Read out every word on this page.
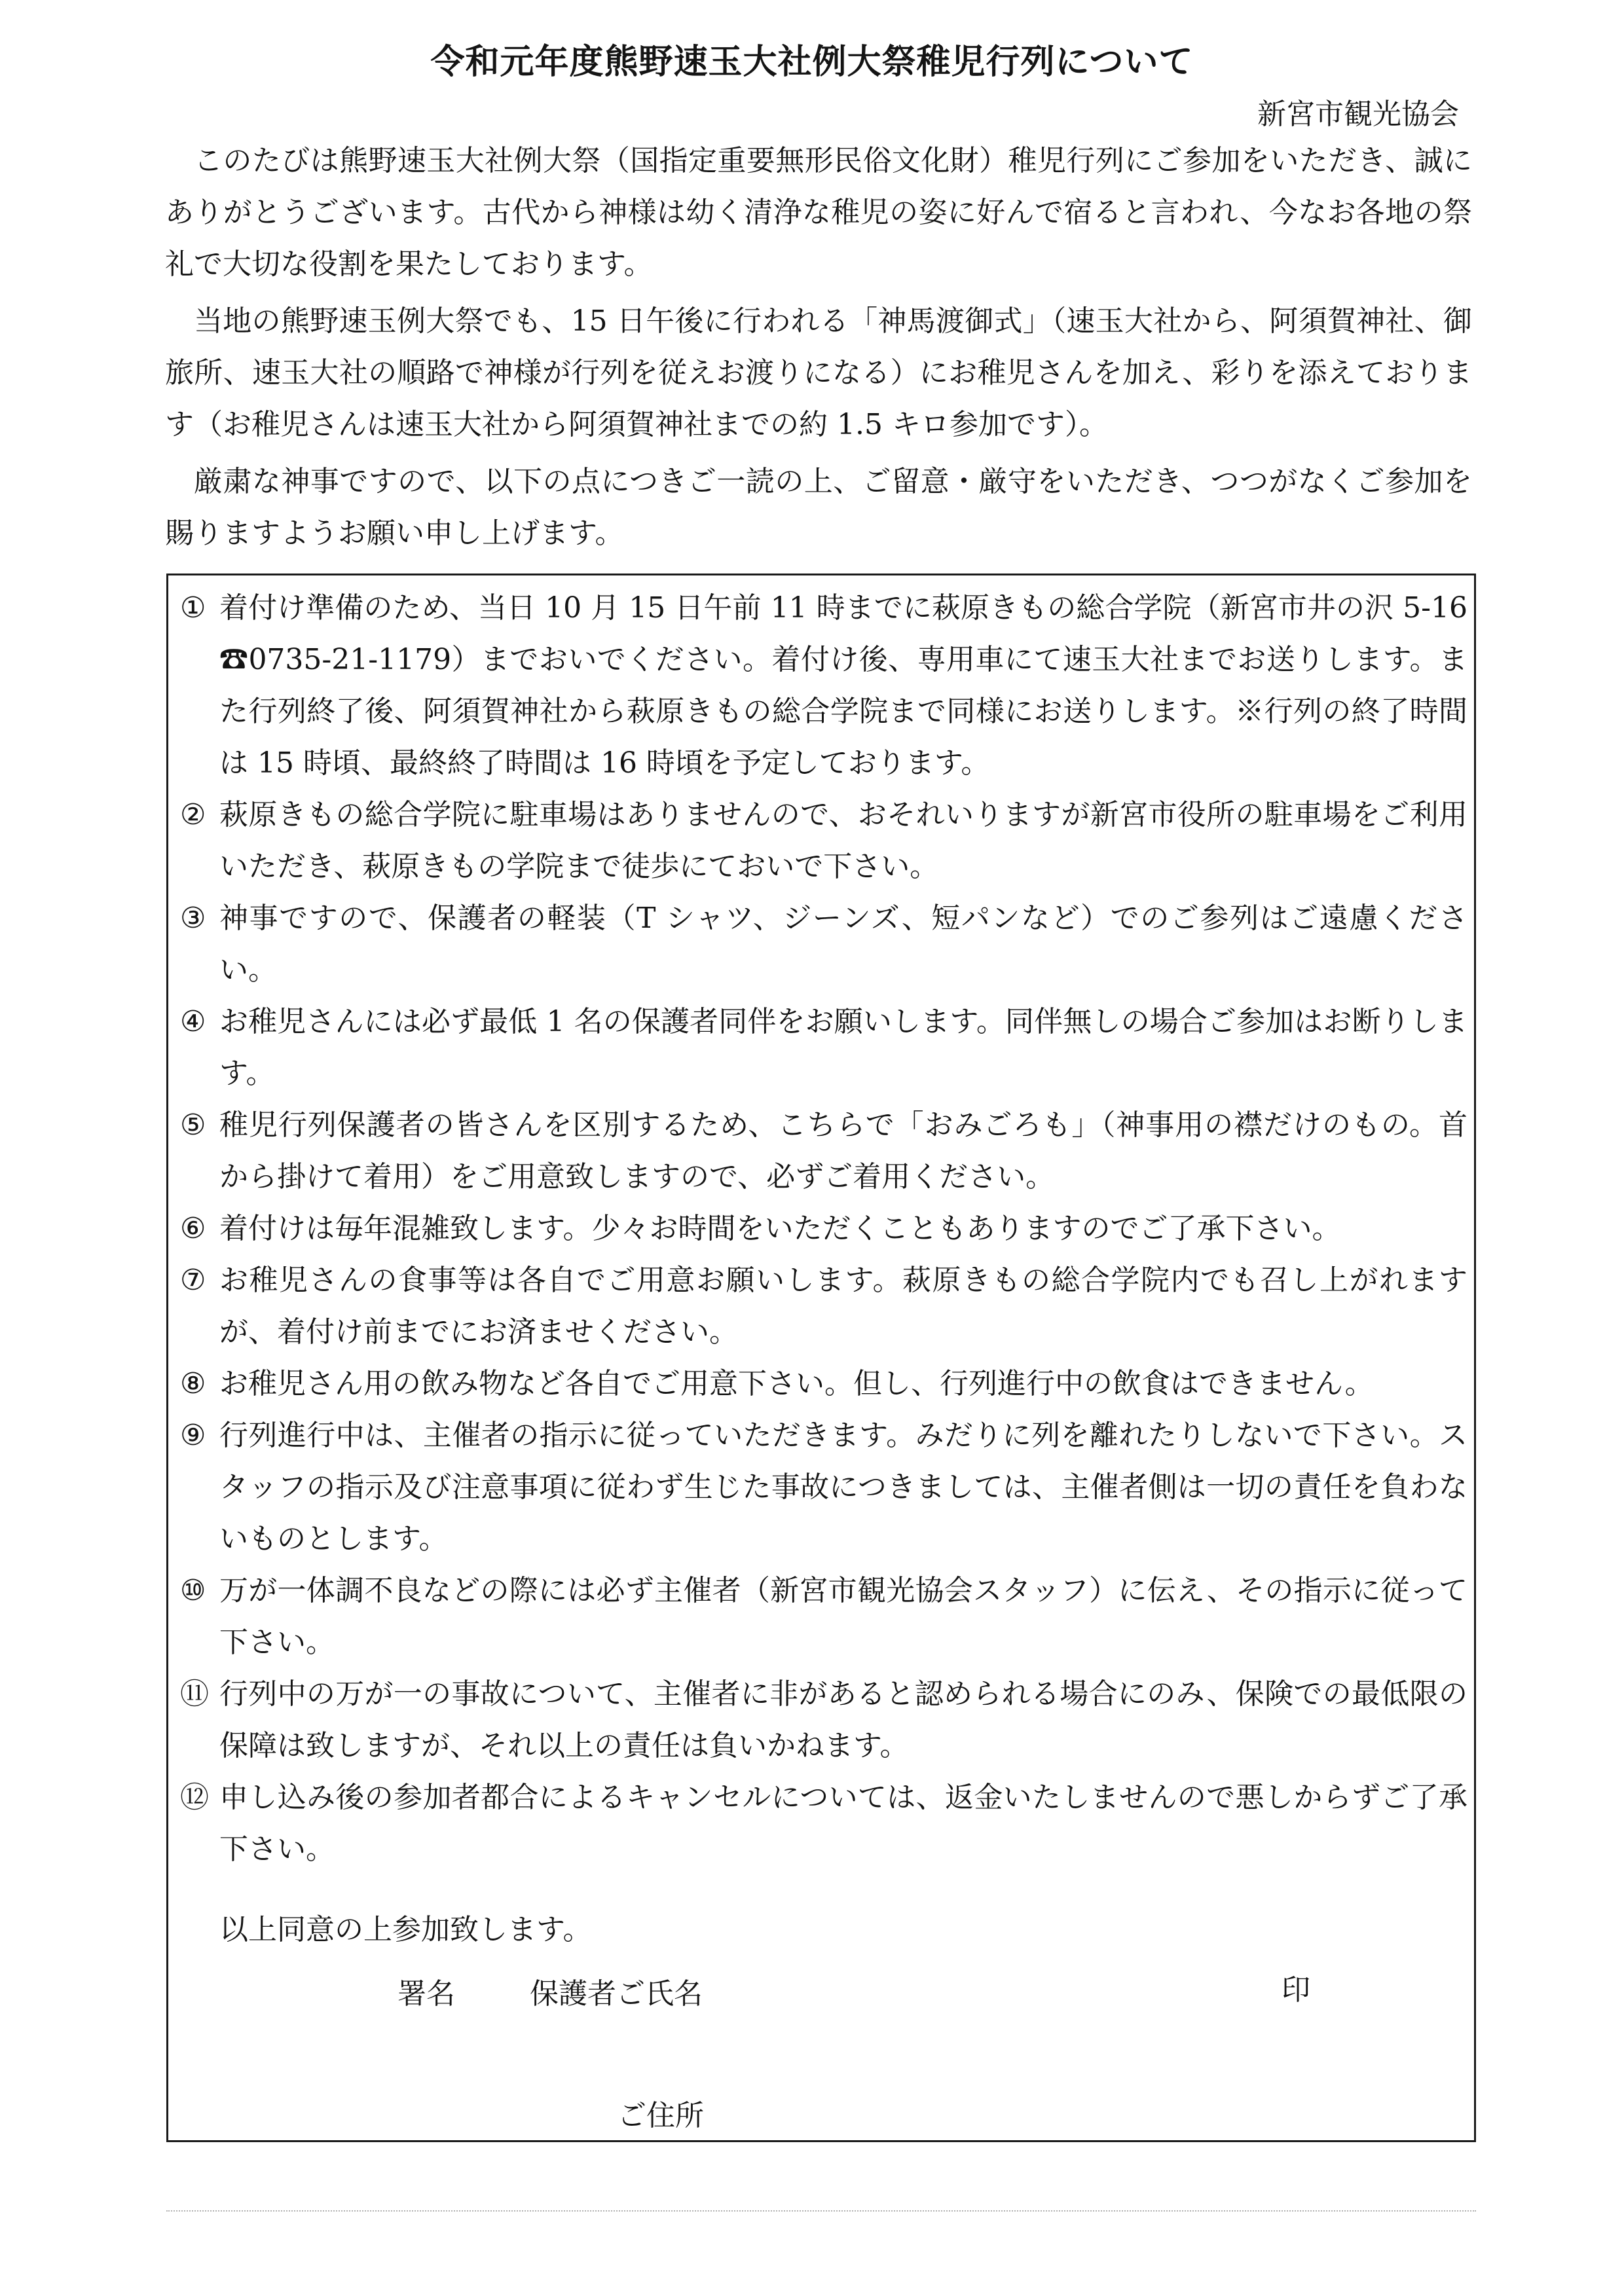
令和元年度熊野速玉大社例大祭稚児行列について
新宮市観光協会

このたびは熊野速玉大社例大祭（国指定重要無形民俗文化財）稚児行列にご参加をいただき、誠にありがとうございます。古代から神様は幼く清浄な稚児の姿に好んで宿ると言われ、今なお各地の祭礼で大切な役割を果たしております。

当地の熊野速玉例大祭でも、15 日午後に行われる「神馬渡御式」（速玉大社から、阿須賀神社、御旅所、速玉大社の順路で神様が行列を従えお渡りになる）にお稚児さんを加え、彩りを添えております（お稚児さんは速玉大社から阿須賀神社までの約 1.5 キロ参加です）。

厳粛な神事ですので、以下の点につきご一読の上、ご留意・厳守をいただき、つつがなくご参加を賜りますようお願い申し上げます。

① 着付け準備のため、当日 10 月 15 日午前 11 時までに萩原きもの総合学院（新宮市井の沢 5-16　☎0735-21-1179）までおいでください。着付け後、専用車にて速玉大社までお送りします。また行列終了後、阿須賀神社から萩原きもの総合学院まで同様にお送りします。※行列の終了時間は 15 時頃、最終終了時間は 16 時頃を予定しております。
② 萩原きもの総合学院に駐車場はありませんので、おそれいりますが新宮市役所の駐車場をご利用いただき、萩原きもの学院まで徒歩にておいで下さい。
③ 神事ですので、保護者の軽装（T シャツ、ジーンズ、短パンなど）でのご参列はご遠慮ください。
④ お稚児さんには必ず最低 1 名の保護者同伴をお願いします。同伴無しの場合ご参加はお断りします。
⑤ 稚児行列保護者の皆さんを区別するため、こちらで「おみごろも」（神事用の襟だけのもの。首から掛けて着用）をご用意致しますので、必ずご着用ください。
⑥ 着付けは毎年混雑致します。少々お時間をいただくこともありますのでご了承下さい。
⑦ お稚児さんの食事等は各自でご用意お願いします。萩原きもの総合学院内でも召し上がれますが、着付け前までにお済ませください。
⑧ お稚児さん用の飲み物など各自でご用意下さい。但し、行列進行中の飲食はできません。
⑨ 行列進行中は、主催者の指示に従っていただきます。みだりに列を離れたりしないで下さい。スタッフの指示及び注意事項に従わず生じた事故につきましては、主催者側は一切の責任を負わないものとします。
⑩ 万が一体調不良などの際には必ず主催者（新宮市観光協会スタッフ）に伝え、その指示に従って下さい。
⑪ 行列中の万が一の事故について、主催者に非があると認められる場合にのみ、保険での最低限の保障は致しますが、それ以上の責任は負いかねます。
⑫ 申し込み後の参加者都合によるキャンセルについては、返金いたしませんので悪しからずご了承下さい。
以上同意の上参加致します。
署名	保護者ご氏名	印
ご住所
